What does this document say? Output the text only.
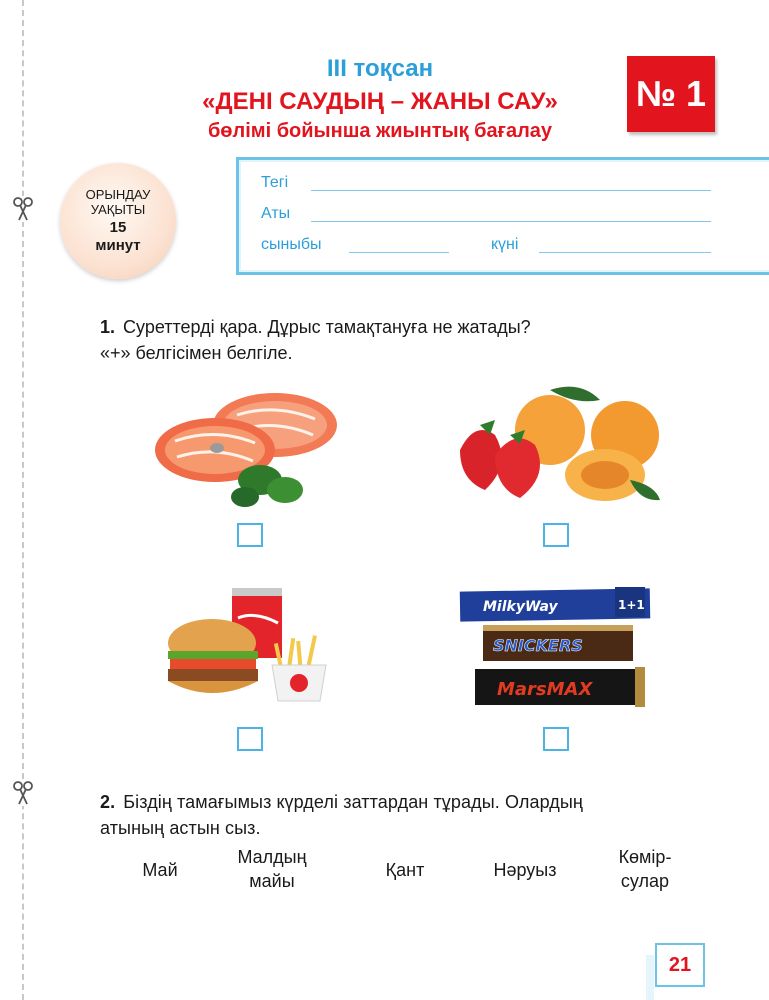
ІІІ тоқсан
«ДЕНІ САУДЫҢ – ЖАНЫ САУ»
бөлімі бойынша жиынтық бағалау
№ 1
ОРЫНДАУ
УАҚЫТЫ
15
минут
Тегі
Аты
сыныбы	күні
1. Суреттерді қара. Дұрыс тамақтануға не жатады?
«+» белгісімен белгіле.
MilkyWay	1+1
SNICKERS
MarsMAX
2. Біздің тамағымыз күрделі заттардан тұрады. Олардың
атының астын сыз.
Май
Малдың
майы
Қант	Нәруыз
Көмір-
сулар
21
